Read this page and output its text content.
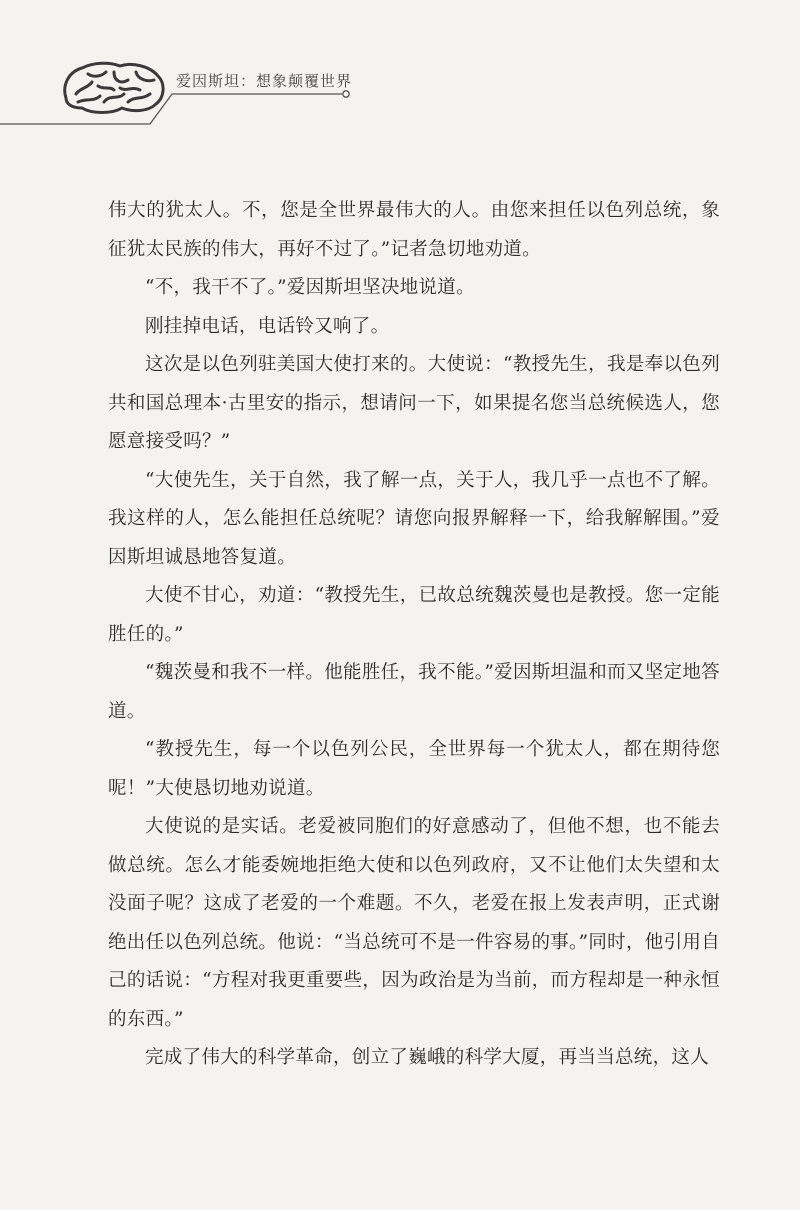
爱因斯坦：想象颠覆世界

伟大的犹太人。不，您是全世界最伟大的人。由您来担任以色列总统，象征犹太民族的伟大，再好不过了。”记者急切地劝道。

“不，我干不了。”爱因斯坦坚决地说道。

刚挂掉电话，电话铃又响了。

这次是以色列驻美国大使打来的。大使说：“教授先生，我是奉以色列共和国总理本·古里安的指示，想请问一下，如果提名您当总统候选人，您愿意接受吗？”

“大使先生，关于自然，我了解一点，关于人，我几乎一点也不了解。我这样的人，怎么能担任总统呢？请您向报界解释一下，给我解解围。”爱因斯坦诚恳地答复道。

大使不甘心，劝道：“教授先生，已故总统魏茨曼也是教授。您一定能胜任的。”

“魏茨曼和我不一样。他能胜任，我不能。”爱因斯坦温和而又坚定地答道。

“教授先生，每一个以色列公民，全世界每一个犹太人，都在期待您呢！”大使恳切地劝说道。

大使说的是实话。老爱被同胞们的好意感动了，但他不想，也不能去做总统。怎么才能委婉地拒绝大使和以色列政府，又不让他们太失望和太没面子呢？这成了老爱的一个难题。不久，老爱在报上发表声明，正式谢绝出任以色列总统。他说：“当总统可不是一件容易的事。”同时，他引用自己的话说：“方程对我更重要些，因为政治是为当前，而方程却是一种永恒的东西。”

完成了伟大的科学革命，创立了巍峨的科学大厦，再当当总统，这人
